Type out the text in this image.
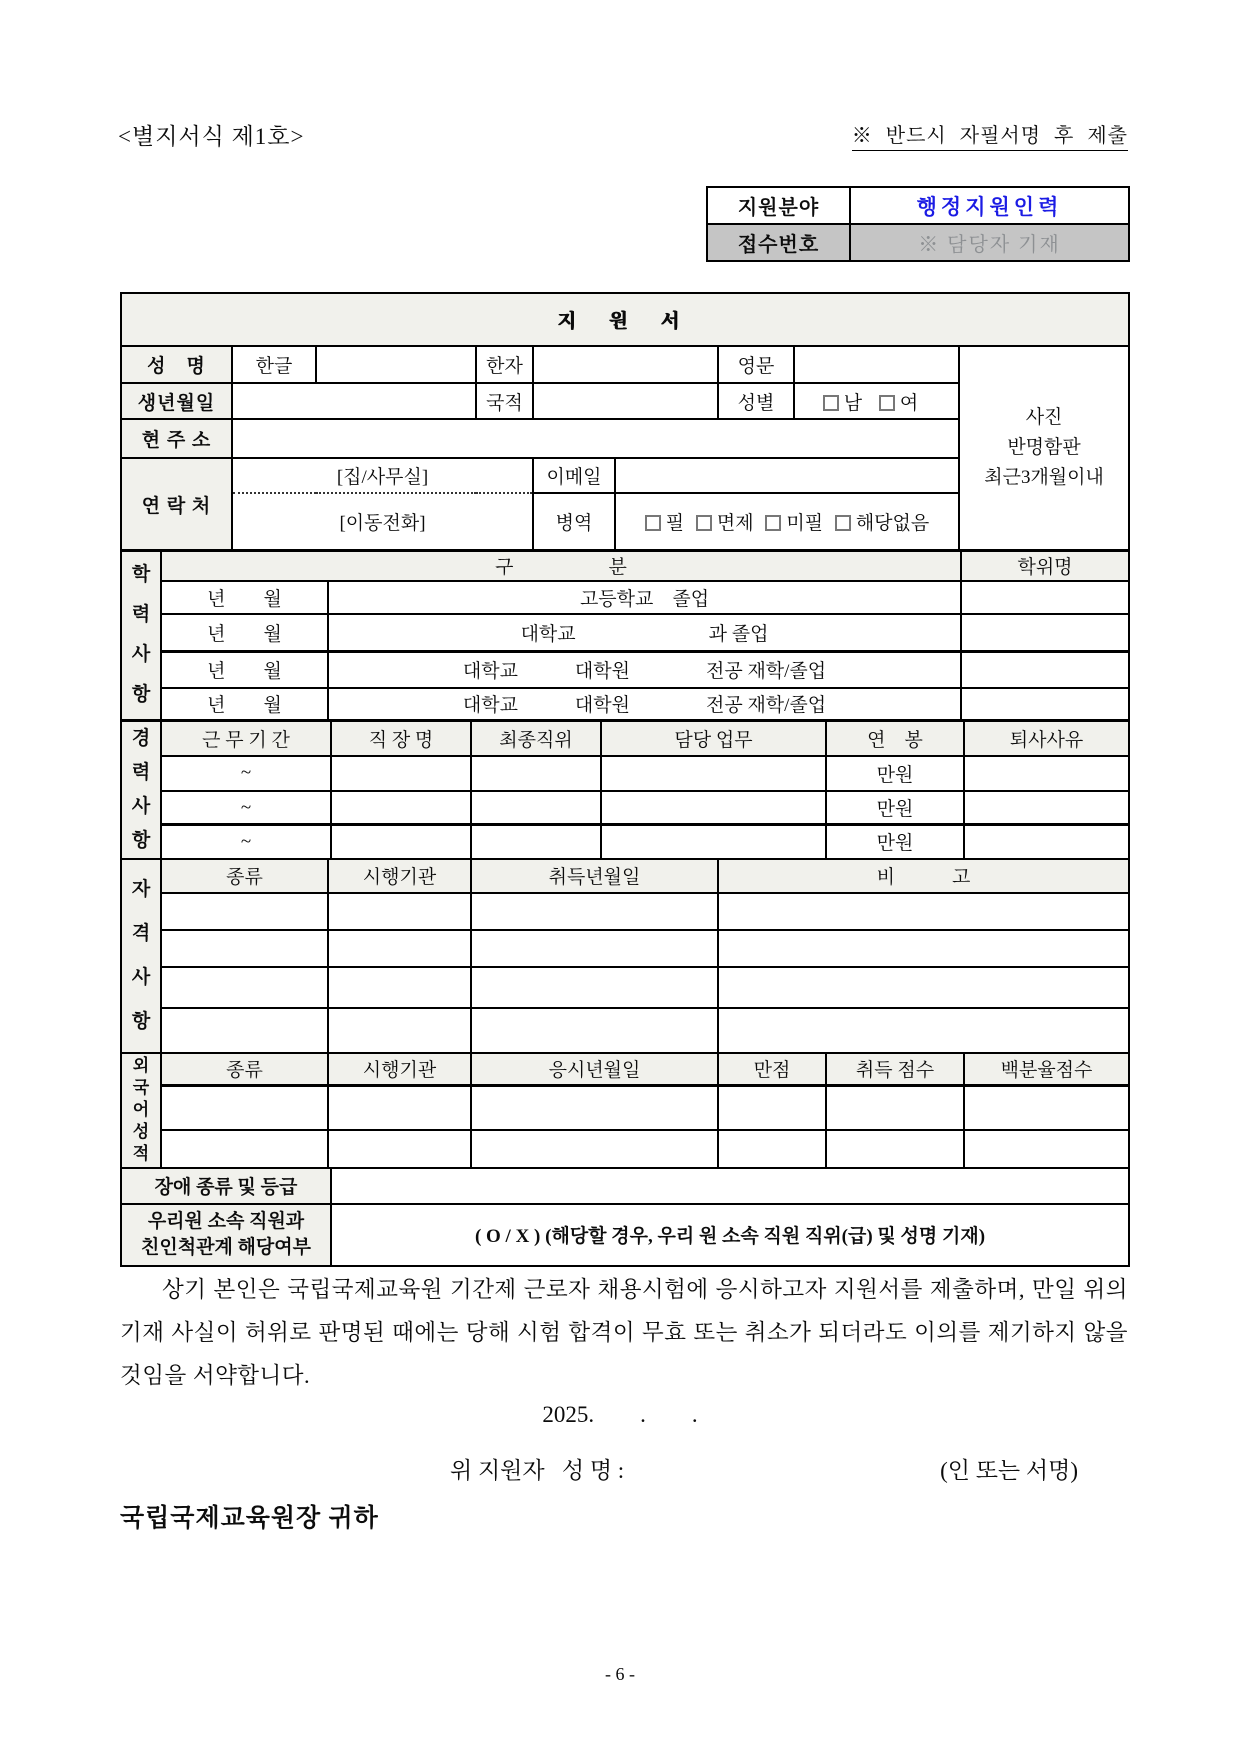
<별지서식 제1호>	※ 반드시 자필서명 후 제출
지원분야	행정지원인력
접수번호	※ 담당자 기재
지 원 서								
성　명	한글		한자			영문		사진
반명함판
최근3개월이내

생년월일			국적			성별	남 여	
현 주 소								
연 락 처	[집/사무실]			이메일				
	[이동전화]			병역	필 면제 미필 해당없음			
학력사항	구　　　　　분		학위명
	년　　월	고등학교　졸업	
	년　　월	대학교　　　　　　　과 졸업	
	년　　월	대학교　　　대학원　　　　전공 재학/졸업	
	년　　월	대학교　　　대학원　　　　전공 재학/졸업	
경력사항	근 무 기 간	직 장 명	최종직위	담당 업무	연　봉	퇴사사유
	~				만원	
	~				만원	
	~				만원	
자격사항	종류	시행기관	취득년월일	비　　　고

외국어성적	종류	시행기관	응시년월일	만점	취득 점수	백분율점수

장애 종류 및 등급	

우리원 소속 직원과
친인척관계 해당여부	( O / X ) (해당할 경우, 우리 원 소속 직원 직위(급) 및 성명 기재)
상기 본인은 국립국제교육원 기간제 근로자 채용시험에 응시하고자 지원서를 제출하며, 만일 위의 기재 사실이 허위로 판명된 때에는 당해 시험 합격이 무효 또는 취소가 되더라도 이의를 제기하지 않을 것임을 서약합니다.
2025.        .        .
위 지원자   성 명 :	(인 또는 서명)
국립국제교육원장 귀하
- 6 -
